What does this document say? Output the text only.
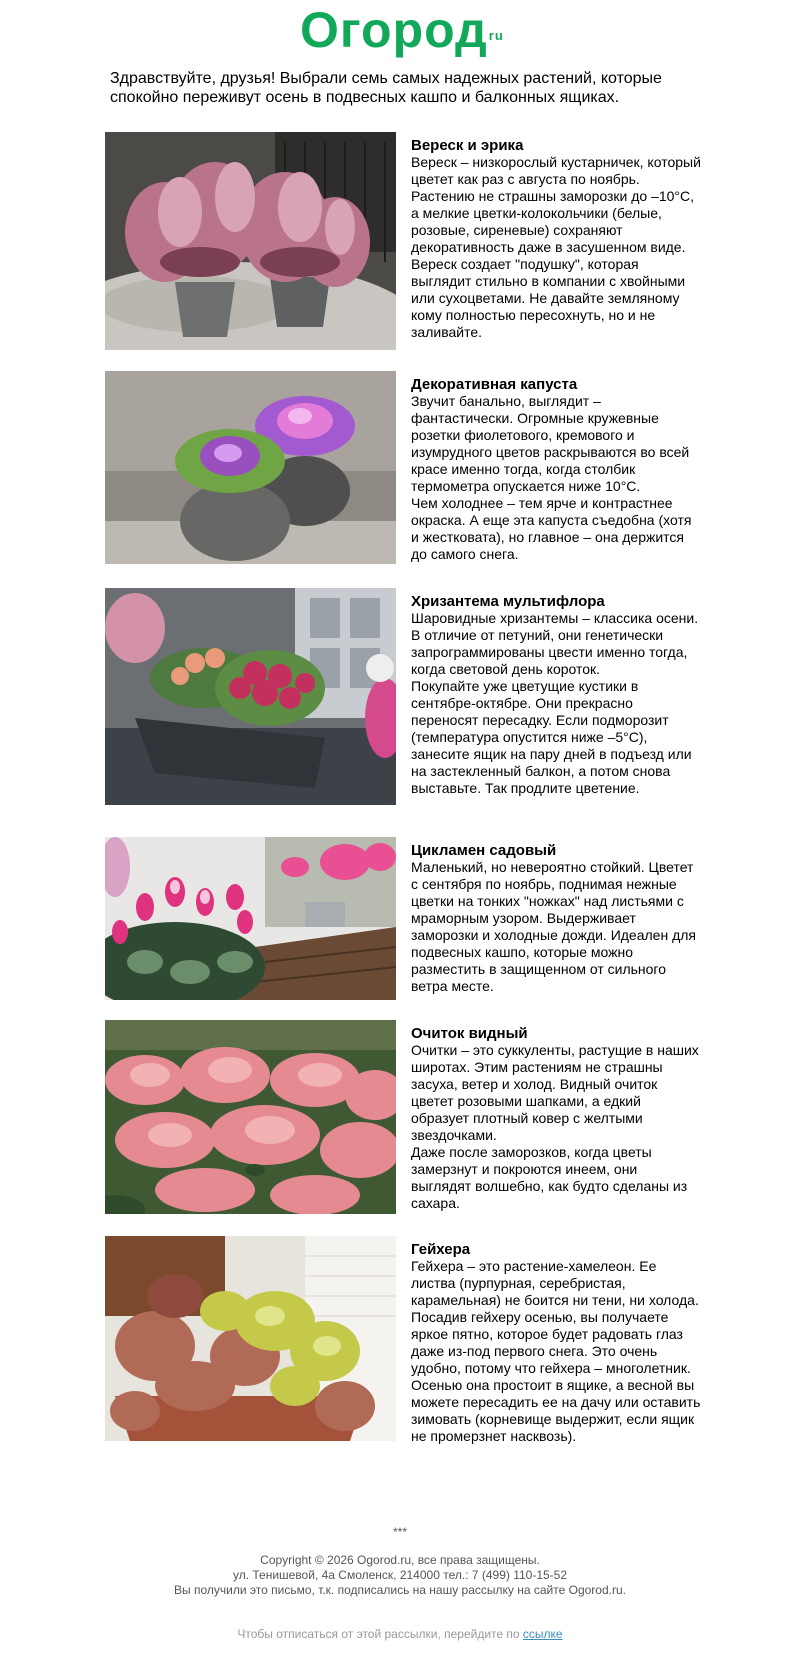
Огород$^{ru}$
Здравствуйте, друзья! Выбрали семь самых надежных растений, которые спокойно переживут осень в подвесных кашпо и балконных ящиках.
Вереск и эрика

Вереск – низкорослый кустарничек, который цветет как раз с августа по ноябрь. Растению не страшны заморозки до –10°C, а мелкие цветки-колокольчики (белые, розовые, сиреневые) сохраняют декоративность даже в засушенном виде.

Вереск создает "подушку", которая выглядит стильно в компании с хвойными или сухоцветами. Не давайте земляному кому полностью пересохнуть, но и не заливайте.

Декоративная капуста

Звучит банально, выглядит – фантастически. Огромные кружевные розетки фиолетового, кремового и изумрудного цветов раскрываются во всей красе именно тогда, когда столбик термометра опускается ниже 10°C.

Чем холоднее – тем ярче и контрастнее окраска. А еще эта капуста съедобна (хотя и жестковата), но главное – она держится до самого снега.

Хризантема мультифлора

Шаровидные хризантемы – классика осени. В отличие от петуний, они генетически запрограммированы цвести именно тогда, когда световой день короток.

Покупайте уже цветущие кустики в сентябре-октябре. Они прекрасно переносят пересадку. Если подморозит (температура опустится ниже –5°C), занесите ящик на пару дней в подъезд или на застекленный балкон, а потом снова выставьте. Так продлите цветение.

Цикламен садовый

Маленький, но невероятно стойкий. Цветет с сентября по ноябрь, поднимая нежные цветки на тонких "ножках" над листьями с мраморным узором. Выдерживает заморозки и холодные дожди. Идеален для подвесных кашпо, которые можно разместить в защищенном от сильного ветра месте.

Очиток видный

Очитки – это суккуленты, растущие в наших широтах. Этим растениям не страшны засуха, ветер и холод. Видный очиток цветет розовыми шапками, а едкий образует плотный ковер с желтыми звездочками.

Даже после заморозков, когда цветы замерзнут и покроются инеем, они выглядят волшебно, как будто сделаны из сахара.

Гейхера

Гейхера – это растение-хамелеон. Ее листва (пурпурная, серебристая, карамельная) не боится ни тени, ни холода. Посадив гейхеру осенью, вы получаете яркое пятно, которое будет радовать глаз даже из-под первого снега. Это очень удобно, потому что гейхера – многолетник. Осенью она простоит в ящике, а весной вы можете пересадить ее на дачу или оставить зимовать (корневище выдержит, если ящик не промерзнет насквозь).

***
Copyright © 2026 Ogorod.ru, все права защищены.
ул. Тенишевой, 4а Смоленск, 214000 тел.: 7 (499) 110-15-52
Вы получили это письмо, т.к. подписались на нашу рассылку на сайте Ogorod.ru.
Чтобы отписаться от этой рассылки, перейдите по ссылке
